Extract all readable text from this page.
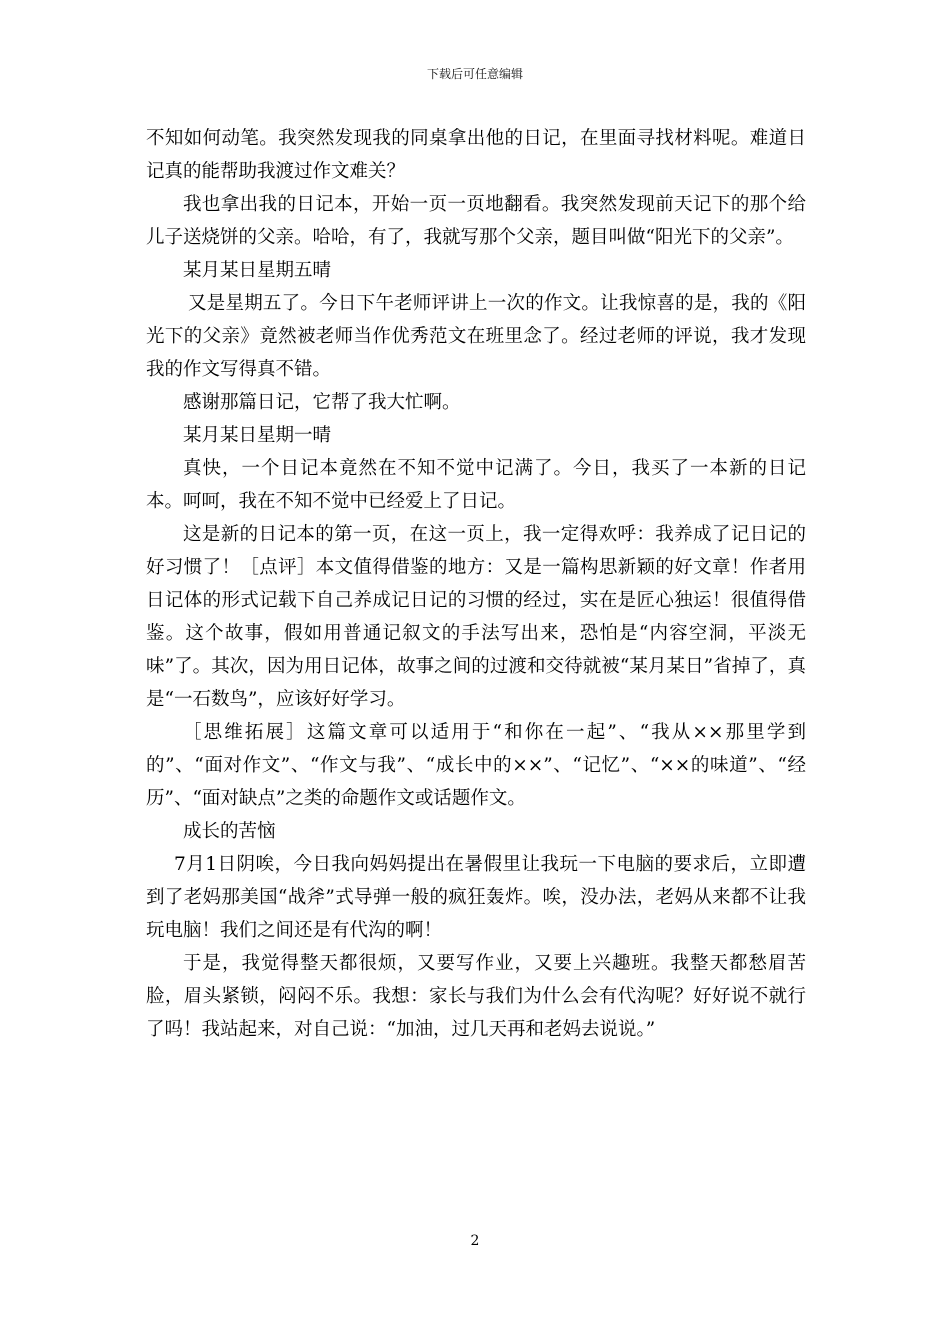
下载后可任意编辑

不知如何动笔。我突然发现我的同桌拿出他的日记，在里面寻找材料呢。难道日记真的能帮助我渡过作文难关？

我也拿出我的日记本，开始一页一页地翻看。我突然发现前天记下的那个给儿子送烧饼的父亲。哈哈，有了，我就写那个父亲，题目叫做“阳光下的父亲”。

某月某日星期五晴

又是星期五了。今日下午老师评讲上一次的作文。让我惊喜的是，我的《阳光下的父亲》竟然被老师当作优秀范文在班里念了。经过老师的评说，我才发现我的作文写得真不错。

感谢那篇日记，它帮了我大忙啊。

某月某日星期一晴

真快，一个日记本竟然在不知不觉中记满了。今日，我买了一本新的日记本。呵呵，我在不知不觉中已经爱上了日记。

这是新的日记本的第一页，在这一页上，我一定得欢呼：我养成了记日记的好习惯了！［点评］本文值得借鉴的地方：又是一篇构思新颖的好文章！作者用日记体的形式记载下自己养成记日记的习惯的经过，实在是匠心独运！很值得借鉴。这个故事，假如用普通记叙文的手法写出来，恐怕是“内容空洞，平淡无味”了。其次，因为用日记体，故事之间的过渡和交待就被“某月某日”省掉了，真是“一石数鸟”，应该好好学习。

［思维拓展］这篇文章可以适用于“和你在一起”、“我从××那里学到的”、“面对作文”、“作文与我”、“成长中的××”、“记忆”、“××的味道”、“经历”、“面对缺点”之类的命题作文或话题作文。

成长的苦恼

7月1日阴唉，今日我向妈妈提出在暑假里让我玩一下电脑的要求后，立即遭到了老妈那美国“战斧”式导弹一般的疯狂轰炸。唉，没办法，老妈从来都不让我玩电脑！我们之间还是有代沟的啊！

于是，我觉得整天都很烦，又要写作业，又要上兴趣班。我整天都愁眉苦脸，眉头紧锁，闷闷不乐。我想：家长与我们为什么会有代沟呢？好好说不就行了吗！我站起来，对自己说：“加油，过几天再和老妈去说说。”

2
